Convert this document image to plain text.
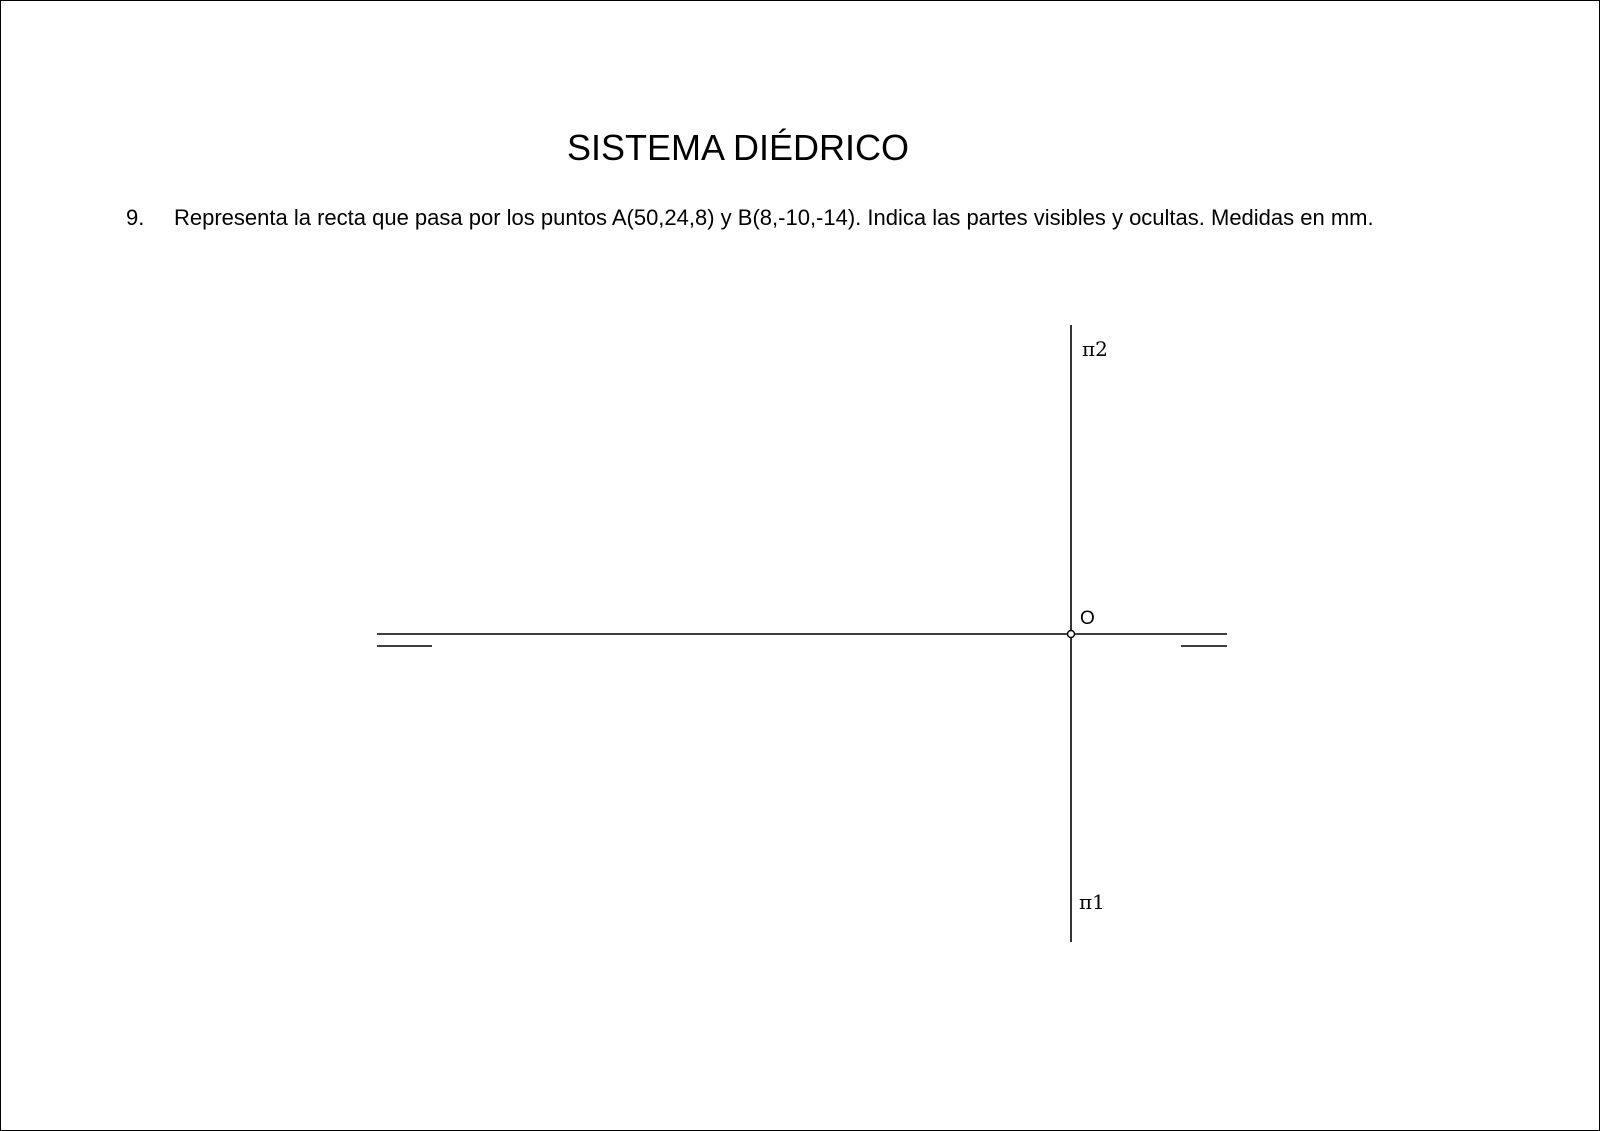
SISTEMA DIÉDRICO
9. Representa la recta que pasa por los puntos A(50,24,8) y B(8,-10,-14). Indica las partes visibles y ocultas. Medidas en mm.
O
π2
π1
